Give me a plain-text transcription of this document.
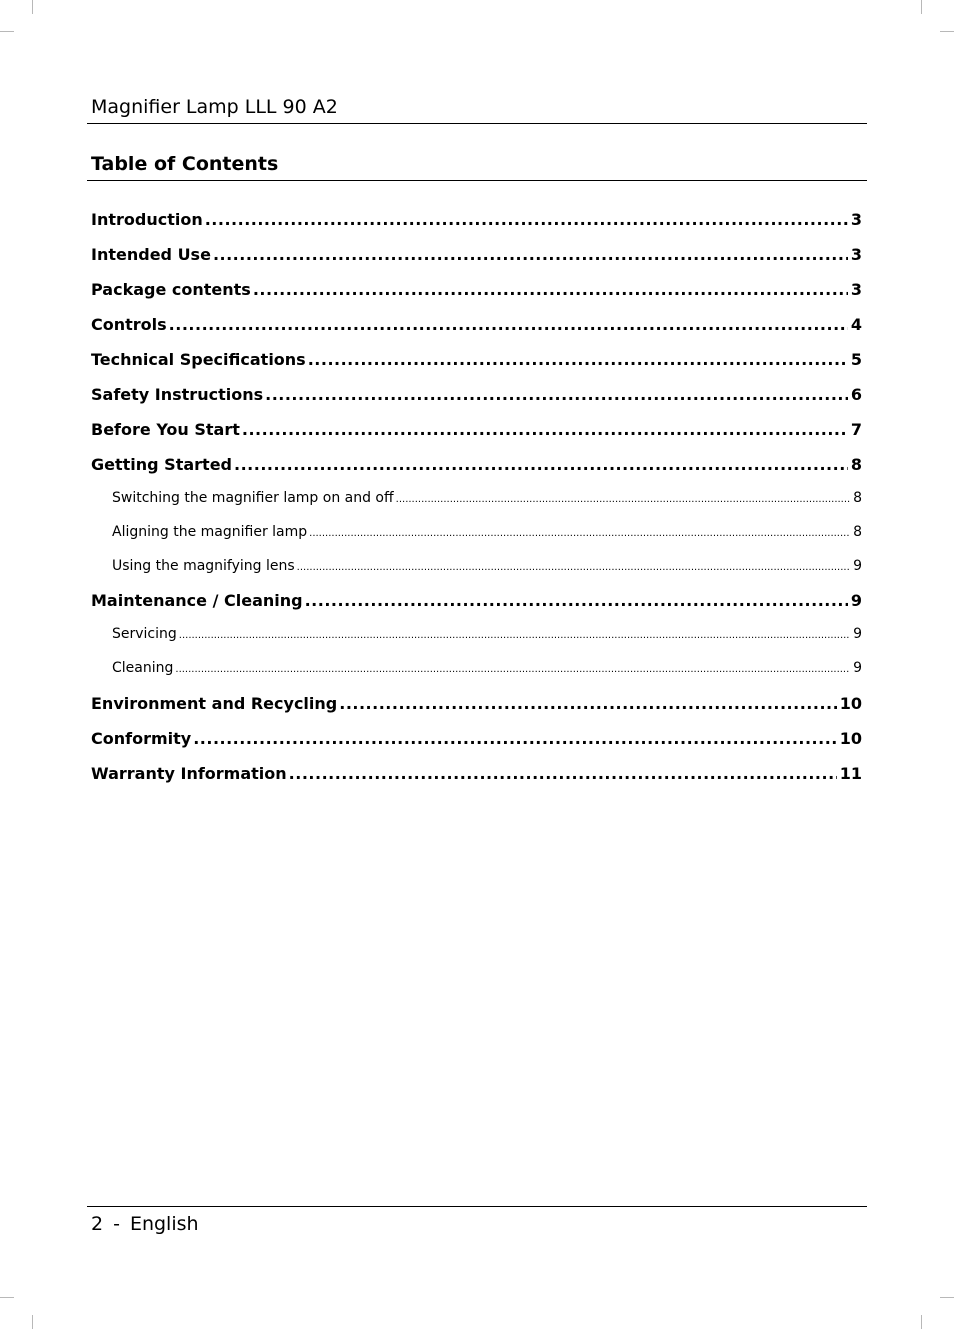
Magnifier Lamp LLL 90 A2
Table of Contents
Introduction .....	3
Intended Use .....	3
Package contents .....	3
Controls .....	4
Technical Specifications .....	5
Safety Instructions .....	6
Before You Start .....	7
Getting Started .....	8
Switching the magnifier lamp on and off .....	8
Aligning the magnifier lamp .....	8
Using the magnifying lens .....	9
Maintenance / Cleaning .....	9
Servicing .....	9
Cleaning .....	9
Environment and Recycling .....	10
Conformity .....	10
Warranty Information .....	11
2 - English
